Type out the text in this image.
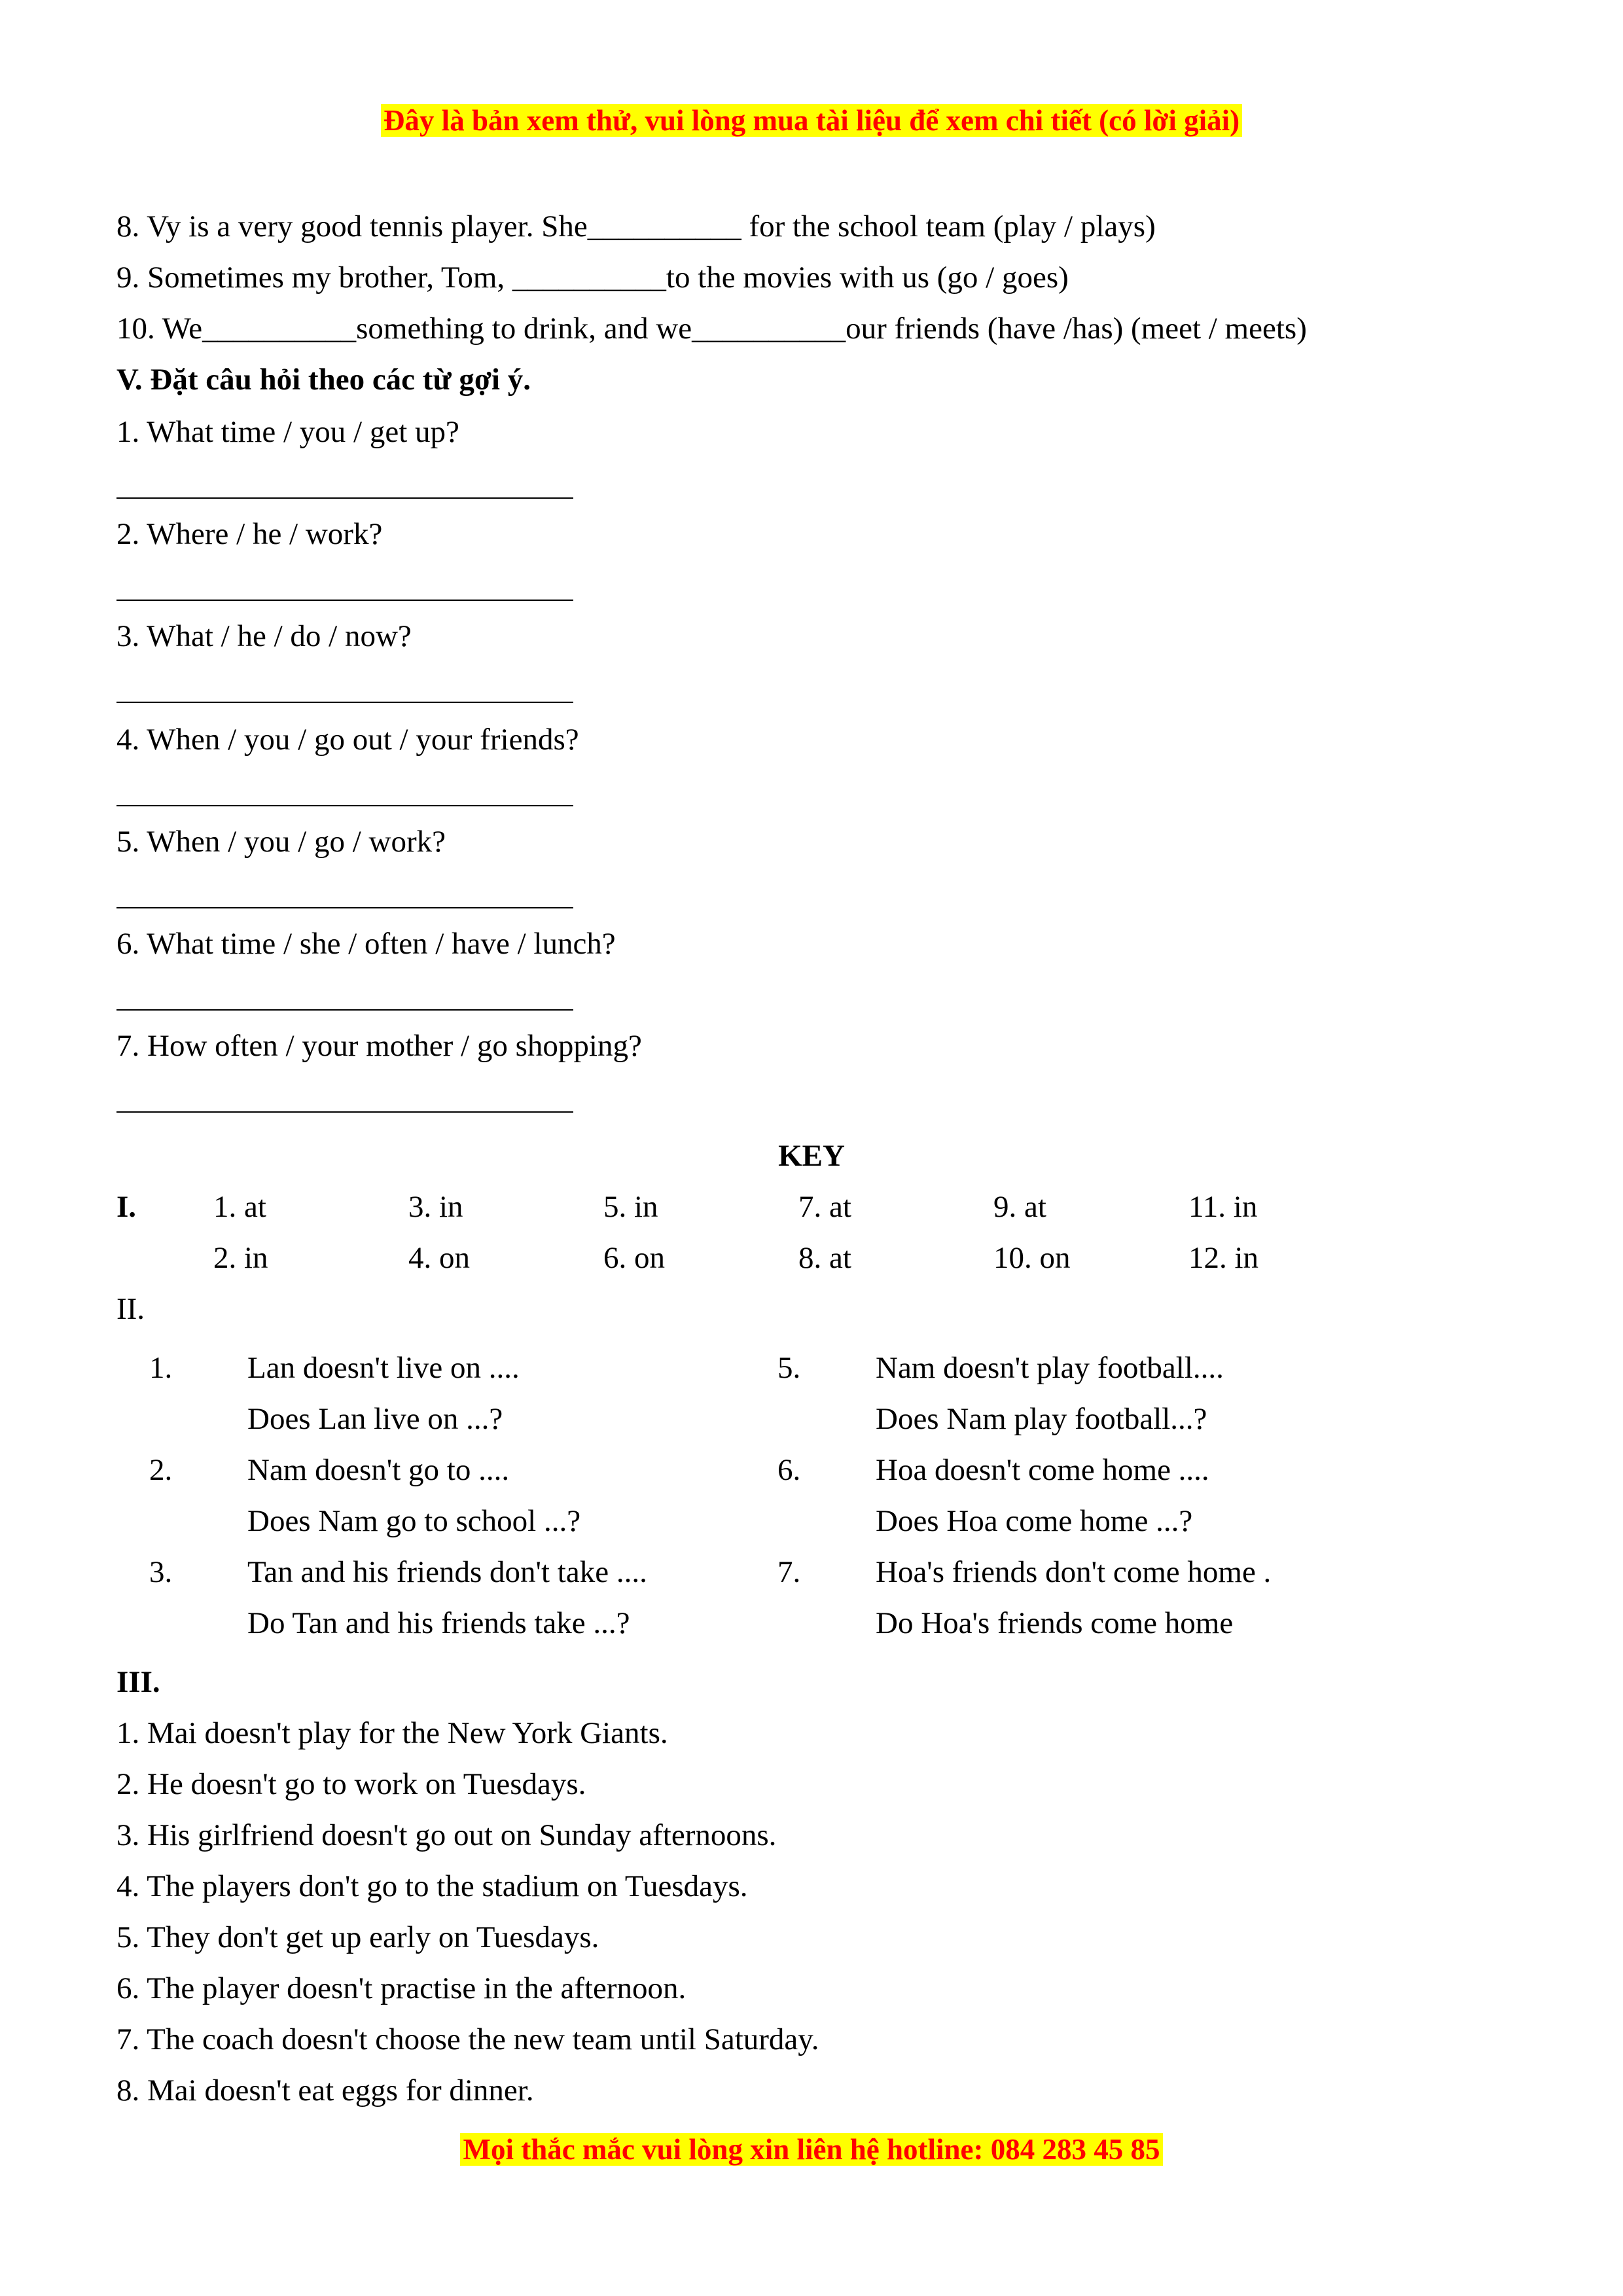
Đây là bản xem thử, vui lòng mua tài liệu để xem chi tiết (có lời giải)
8. Vy is a very good tennis player. She__________ for the school team (play / plays)
9. Sometimes my brother, Tom, __________to the movies with us (go / goes)
10. We__________something to drink, and we__________our friends (have /has) (meet / meets)
V. Đặt câu hỏi theo các từ gợi ý.
1. What time / you / get up?
2. Where / he / work?
3. What / he / do / now?
4. When / you / go out / your friends?
5. When / you / go / work?
6. What time / she / often / have / lunch?
7. How often / your mother / go shopping?
KEY
I.	1. at	3. in	5. in	7. at	9. at	11. in
2. in	4. on	6. on	8. at	10. on	12. in
II.
1. Lan doesn't live on ....
Does Lan live on ...?
2. Nam doesn't go to ....
Does Nam go to school ...?
3. Tan and his friends don't take ....
Do Tan and his friends take ...?
5. Nam doesn't play football....
Does Nam play football...?
6. Hoa doesn't come home ....
Does Hoa come home ...?
7. Hoa's friends don't come home .
Do Hoa's friends come home
III.
1. Mai doesn't play for the New York Giants.
2. He doesn't go to work on Tuesdays.
3. His girlfriend doesn't go out on Sunday afternoons.
4. The players don't go to the stadium on Tuesdays.
5. They don't get up early on Tuesdays.
6. The player doesn't practise in the afternoon.
7. The coach doesn't choose the new team until Saturday.
8. Mai doesn't eat eggs for dinner.
Mọi thắc mắc vui lòng xin liên hệ hotline: 084 283 45 85
